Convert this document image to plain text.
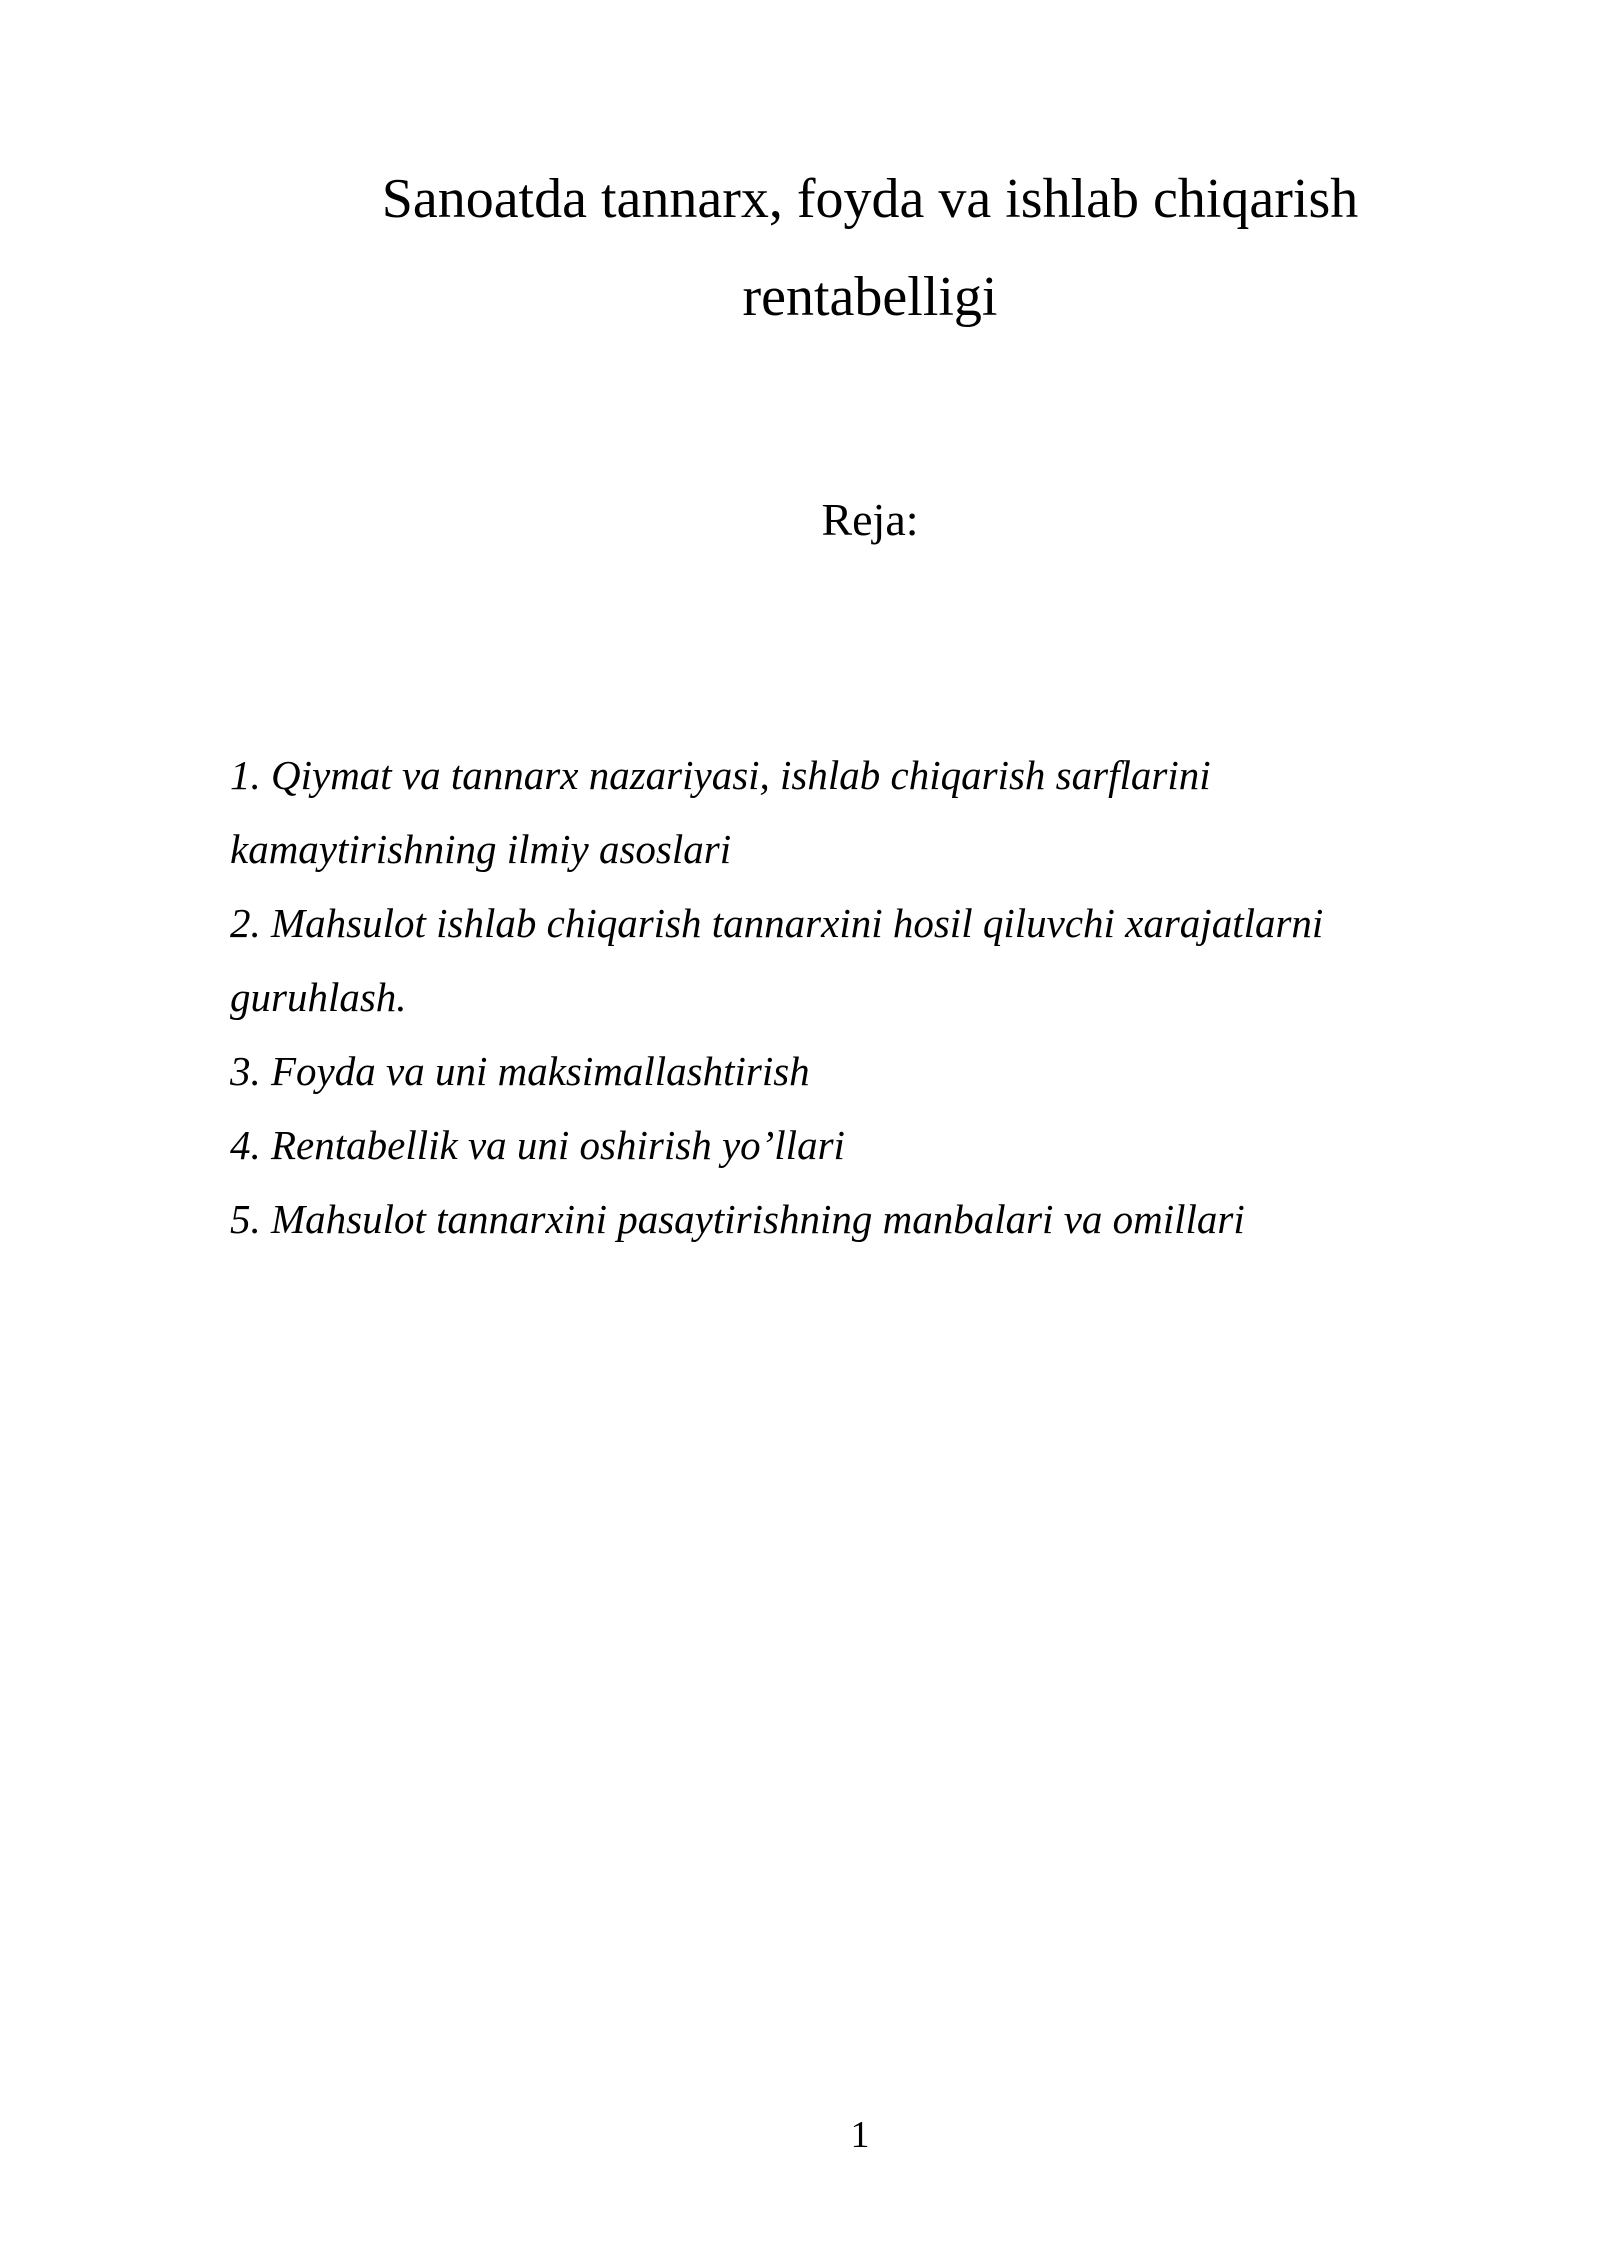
Sanoatda tannarx, foyda va ishlab chiqarish
rentabelligi
Reja:
1. Qiymat va tannarx nazariyasi, ishlab chiqarish sarflarini
kamaytirishning ilmiy asoslari
2. Mahsulot ishlab chiqarish tannarxini hosil qiluvchi xarajatlarni
guruhlash.
3. Foyda va uni maksimallashtirish
4. Rentabellik va uni oshirish yo’llari
5. Mahsulot tannarxini pasaytirishning manbalari va omillari
1
